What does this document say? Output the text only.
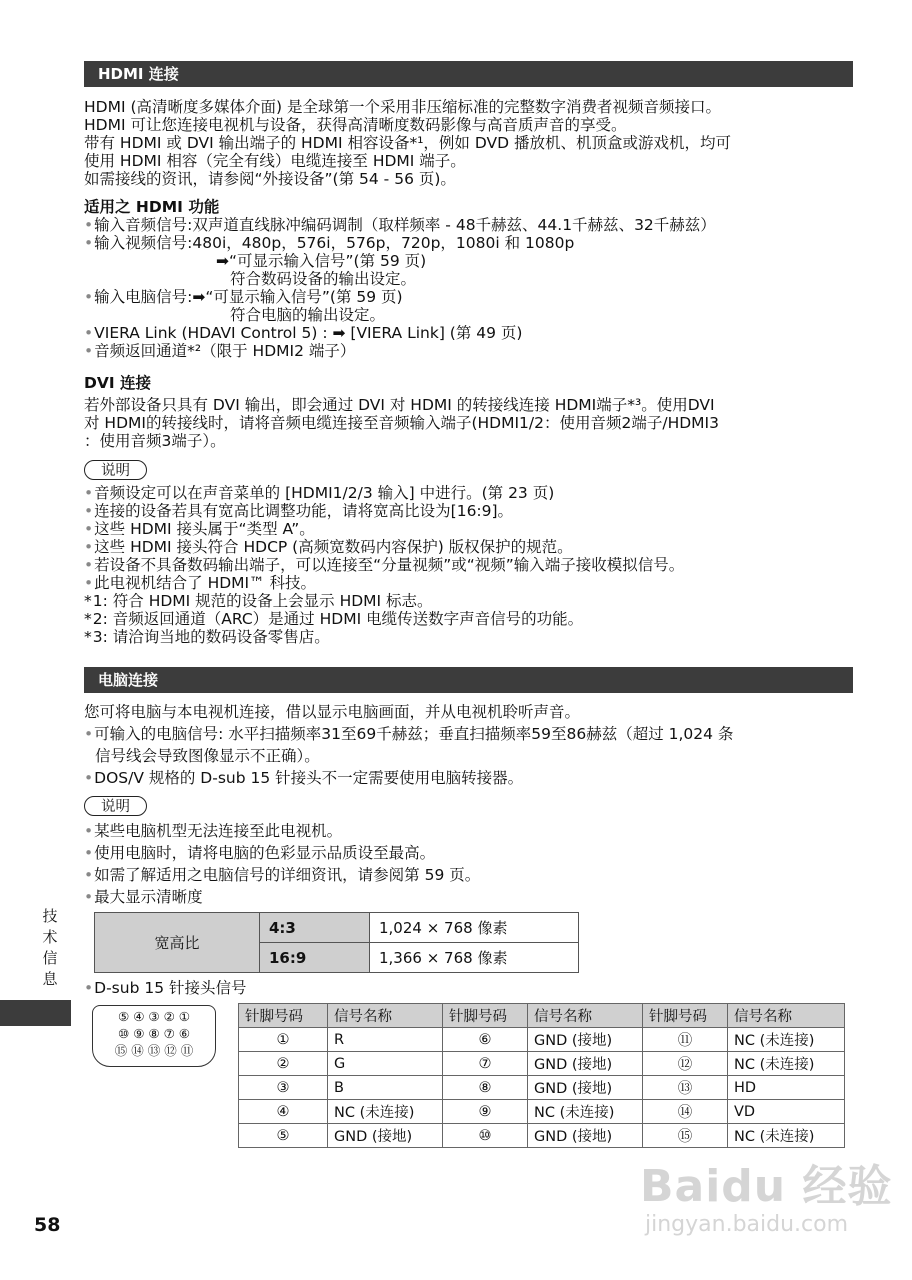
HDMI 连接
HDMI (高清晰度多媒体介面) 是全球第一个采用非压缩标准的完整数字消费者视频音频接口。
HDMI 可让您连接电视机与设备，获得高清晰度数码影像与高音质声音的享受。
带有 HDMI 或 DVI 输出端子的 HDMI 相容设备*¹，例如 DVD 播放机、机顶盒或游戏机，均可
使用 HDMI 相容（完全有线）电缆连接至 HDMI 端子。
如需接线的资讯，请参阅“外接设备”(第 54 - 56 页)。
适用之 HDMI 功能
• 输入音频信号:双声道直线脉冲编码调制（取样频率 - 48千赫兹、44.1千赫兹、32千赫兹）
• 输入视频信号:480i，480p，576i，576p，720p，1080i 和 1080p
➡“可显示输入信号”(第 59 页)
符合数码设备的输出设定。
• 输入电脑信号:➡“可显示输入信号”(第 59 页)
符合电脑的输出设定。
• VIERA Link (HDAVI Control 5) : ➡ [VIERA Link] (第 49 页)
• 音频返回通道*²（限于 HDMI2 端子）
DVI 连接
若外部设备只具有 DVI 输出，即会通过 DVI 对 HDMI 的转接线连接 HDMI端子*³。使用DVI
对 HDMI的转接线时，请将音频电缆连接至音频输入端子(HDMI1/2：使用音频2端子/HDMI3
：使用音频3端子）。
说明
• 音频设定可以在声音菜单的 [HDMI1/2/3 输入] 中进行。(第 23 页)
• 连接的设备若具有宽高比调整功能，请将宽高比设为[16:9]。
• 这些 HDMI 接头属于“类型 A”。
• 这些 HDMI 接头符合 HDCP (高频宽数码内容保护) 版权保护的规范。
• 若设备不具备数码输出端子，可以连接至“分量视频”或“视频”输入端子接收模拟信号。
• 此电视机结合了 HDMI™ 科技。
* 1: 符合 HDMI 规范的设备上会显示 HDMI 标志。
* 2: 音频返回通道（ARC）是通过 HDMI 电缆传送数字声音信号的功能。
* 3: 请洽询当地的数码设备零售店。
电脑连接
您可将电脑与本电视机连接，借以显示电脑画面，并从电视机聆听声音。
• 可输入的电脑信号: 水平扫描频率31至69千赫兹；垂直扫描频率59至86赫兹（超过 1,024 条
信号线会导致图像显示不正确）。
• DOS/V 规格的 D-sub 15 针接头不一定需要使用电脑转接器。
说明
• 某些电脑机型无法连接至此电视机。
• 使用电脑时，请将电脑的色彩显示品质设至最高。
• 如需了解适用之电脑信号的详细资讯，请参阅第 59 页。
• 最大显示清晰度
宽高比	4:3	1,024 × 768 像素
	16:9	1,366 × 768 像素
• D-sub 15 针接头信号
⑤ ④ ③ ② ①
⑩ ⑨ ⑧ ⑦ ⑥
⑮ ⑭ ⑬ ⑫ ⑪
针脚号码	信号名称	针脚号码	信号名称	针脚号码	信号名称
①	R	⑥	GND (接地)	⑪	NC (未连接)
②	G	⑦	GND (接地)	⑫	NC (未连接)
③	B	⑧	GND (接地)	⑬	HD
④	NC (未连接)	⑨	NC (未连接)	⑭	VD
⑤	GND (接地)	⑩	GND (接地)	⑮	NC (未连接)
技
术
信
息
58
Baidu 经验
jingyan.baidu.com
